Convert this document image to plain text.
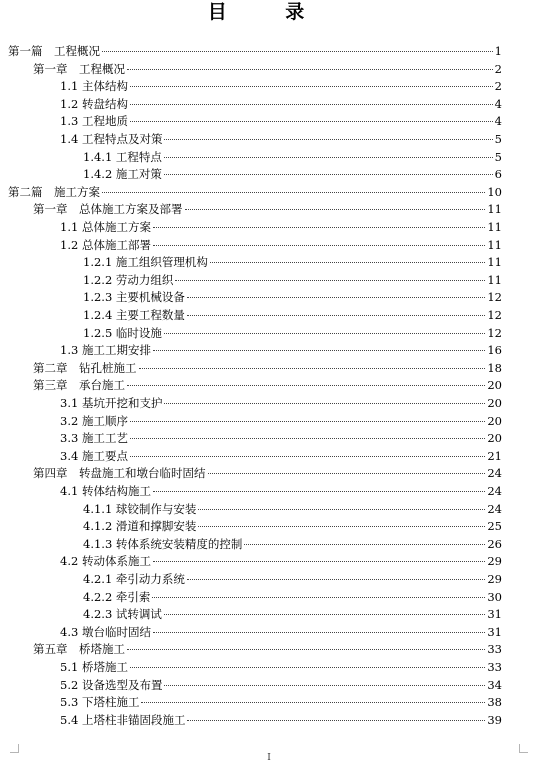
目 录
第一篇　工程概况	1
第一章　工程概况	2
1.1 主体结构	2
1.2 转盘结构	4
1.3 工程地质	4
1.4 工程特点及对策	5
1.4.1 工程特点	5
1.4.2 施工对策	6
第二篇　施工方案	10
第一章　总体施工方案及部署	11
1.1 总体施工方案	11
1.2 总体施工部署	11
1.2.1 施工组织管理机构	11
1.2.2 劳动力组织	11
1.2.3 主要机械设备	12
1.2.4 主要工程数量	12
1.2.5 临时设施	12
1.3 施工工期安排	16
第二章　钻孔桩施工	18
第三章　承台施工	20
3.1 基坑开挖和支护	20
3.2 施工顺序	20
3.3 施工工艺	20
3.4 施工要点	21
第四章　转盘施工和墩台临时固结	24
4.1 转体结构施工	24
4.1.1 球铰制作与安装	24
4.1.2 滑道和撑脚安装	25
4.1.3 转体系统安装精度的控制	26
4.2 转动体系施工	29
4.2.1 牵引动力系统	29
4.2.2 牵引索	30
4.2.3 试转调试	31
4.3 墩台临时固结	31
第五章　桥塔施工	33
5.1 桥塔施工	33
5.2 设备选型及布置	34
5.3 下塔柱施工	38
5.4 上塔柱非锚固段施工	39
I
